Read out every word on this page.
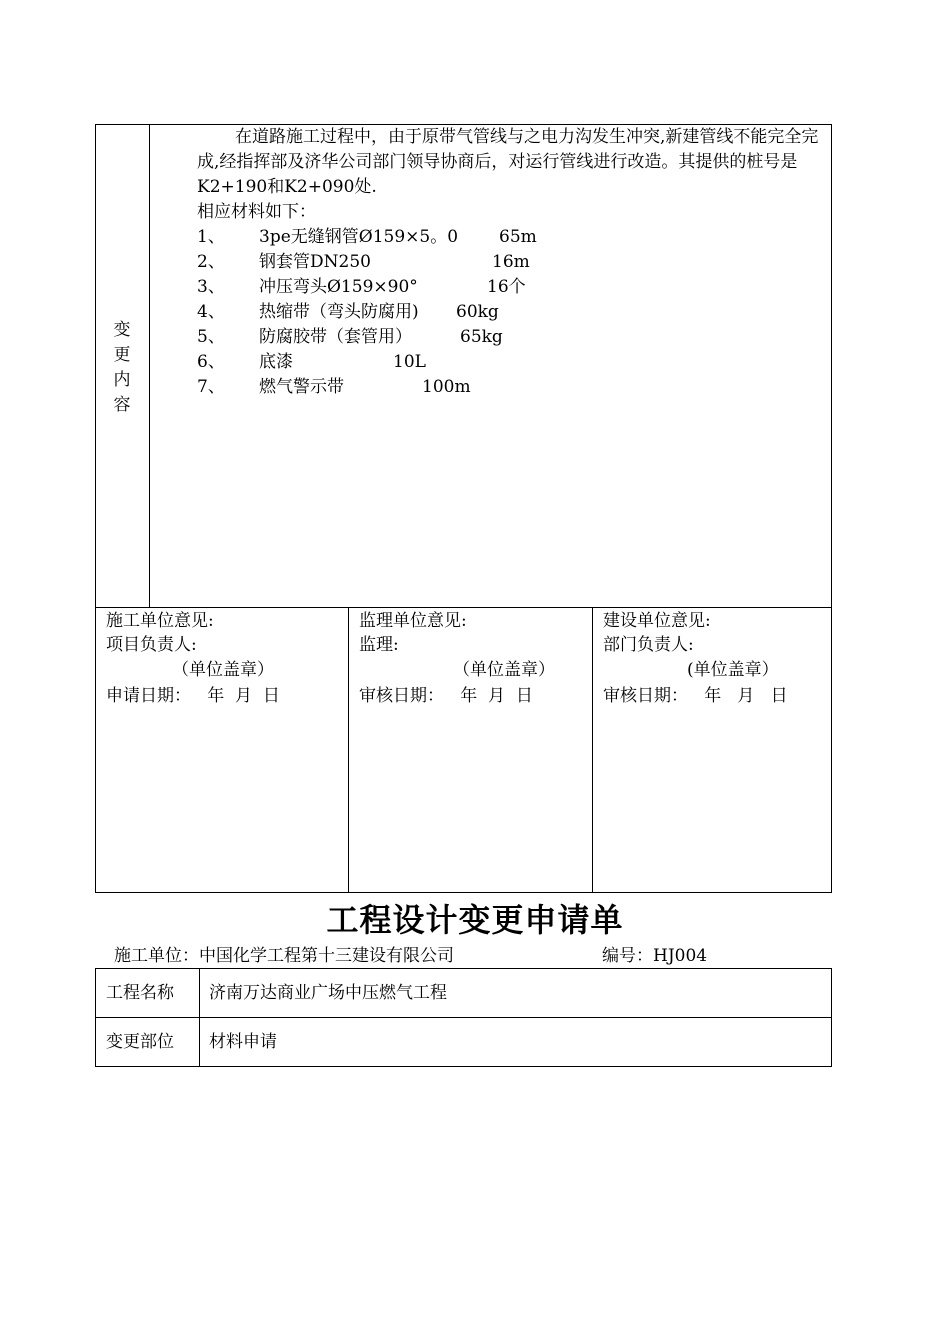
变
更
内
容
在道路施工过程中，由于原带气管线与之电力沟发生冲突,新建管线不能完全完成,经指挥部及济华公司部门领导协商后，对运行管线进行改造。其提供的桩号是K2+190和K2+090处.
相应材料如下：
1、 3pe无缝钢管Ø159×5。0 65m
2、 钢套管DN250	16m
3、 冲压弯头Ø159×90°	16个
4、 热缩带（弯头防腐用) 60kg
5、 防腐胶带（套管用）	65kg
6、 底漆	10L
7、 燃气警示带	100m
施工单位意见:
项目负责人:
（单位盖章）
申请日期：   年  月  日
监理单位意见:
监理:
（单位盖章）
审核日期：   年  月  日
建设单位意见:
部门负责人:
(单位盖章）
审核日期：   年   月   日
工程设计变更申请单
施工单位：中国化学工程第十三建设有限公司	编号：HJ004
工程名称 济南万达商业广场中压燃气工程
变更部位 材料申请
